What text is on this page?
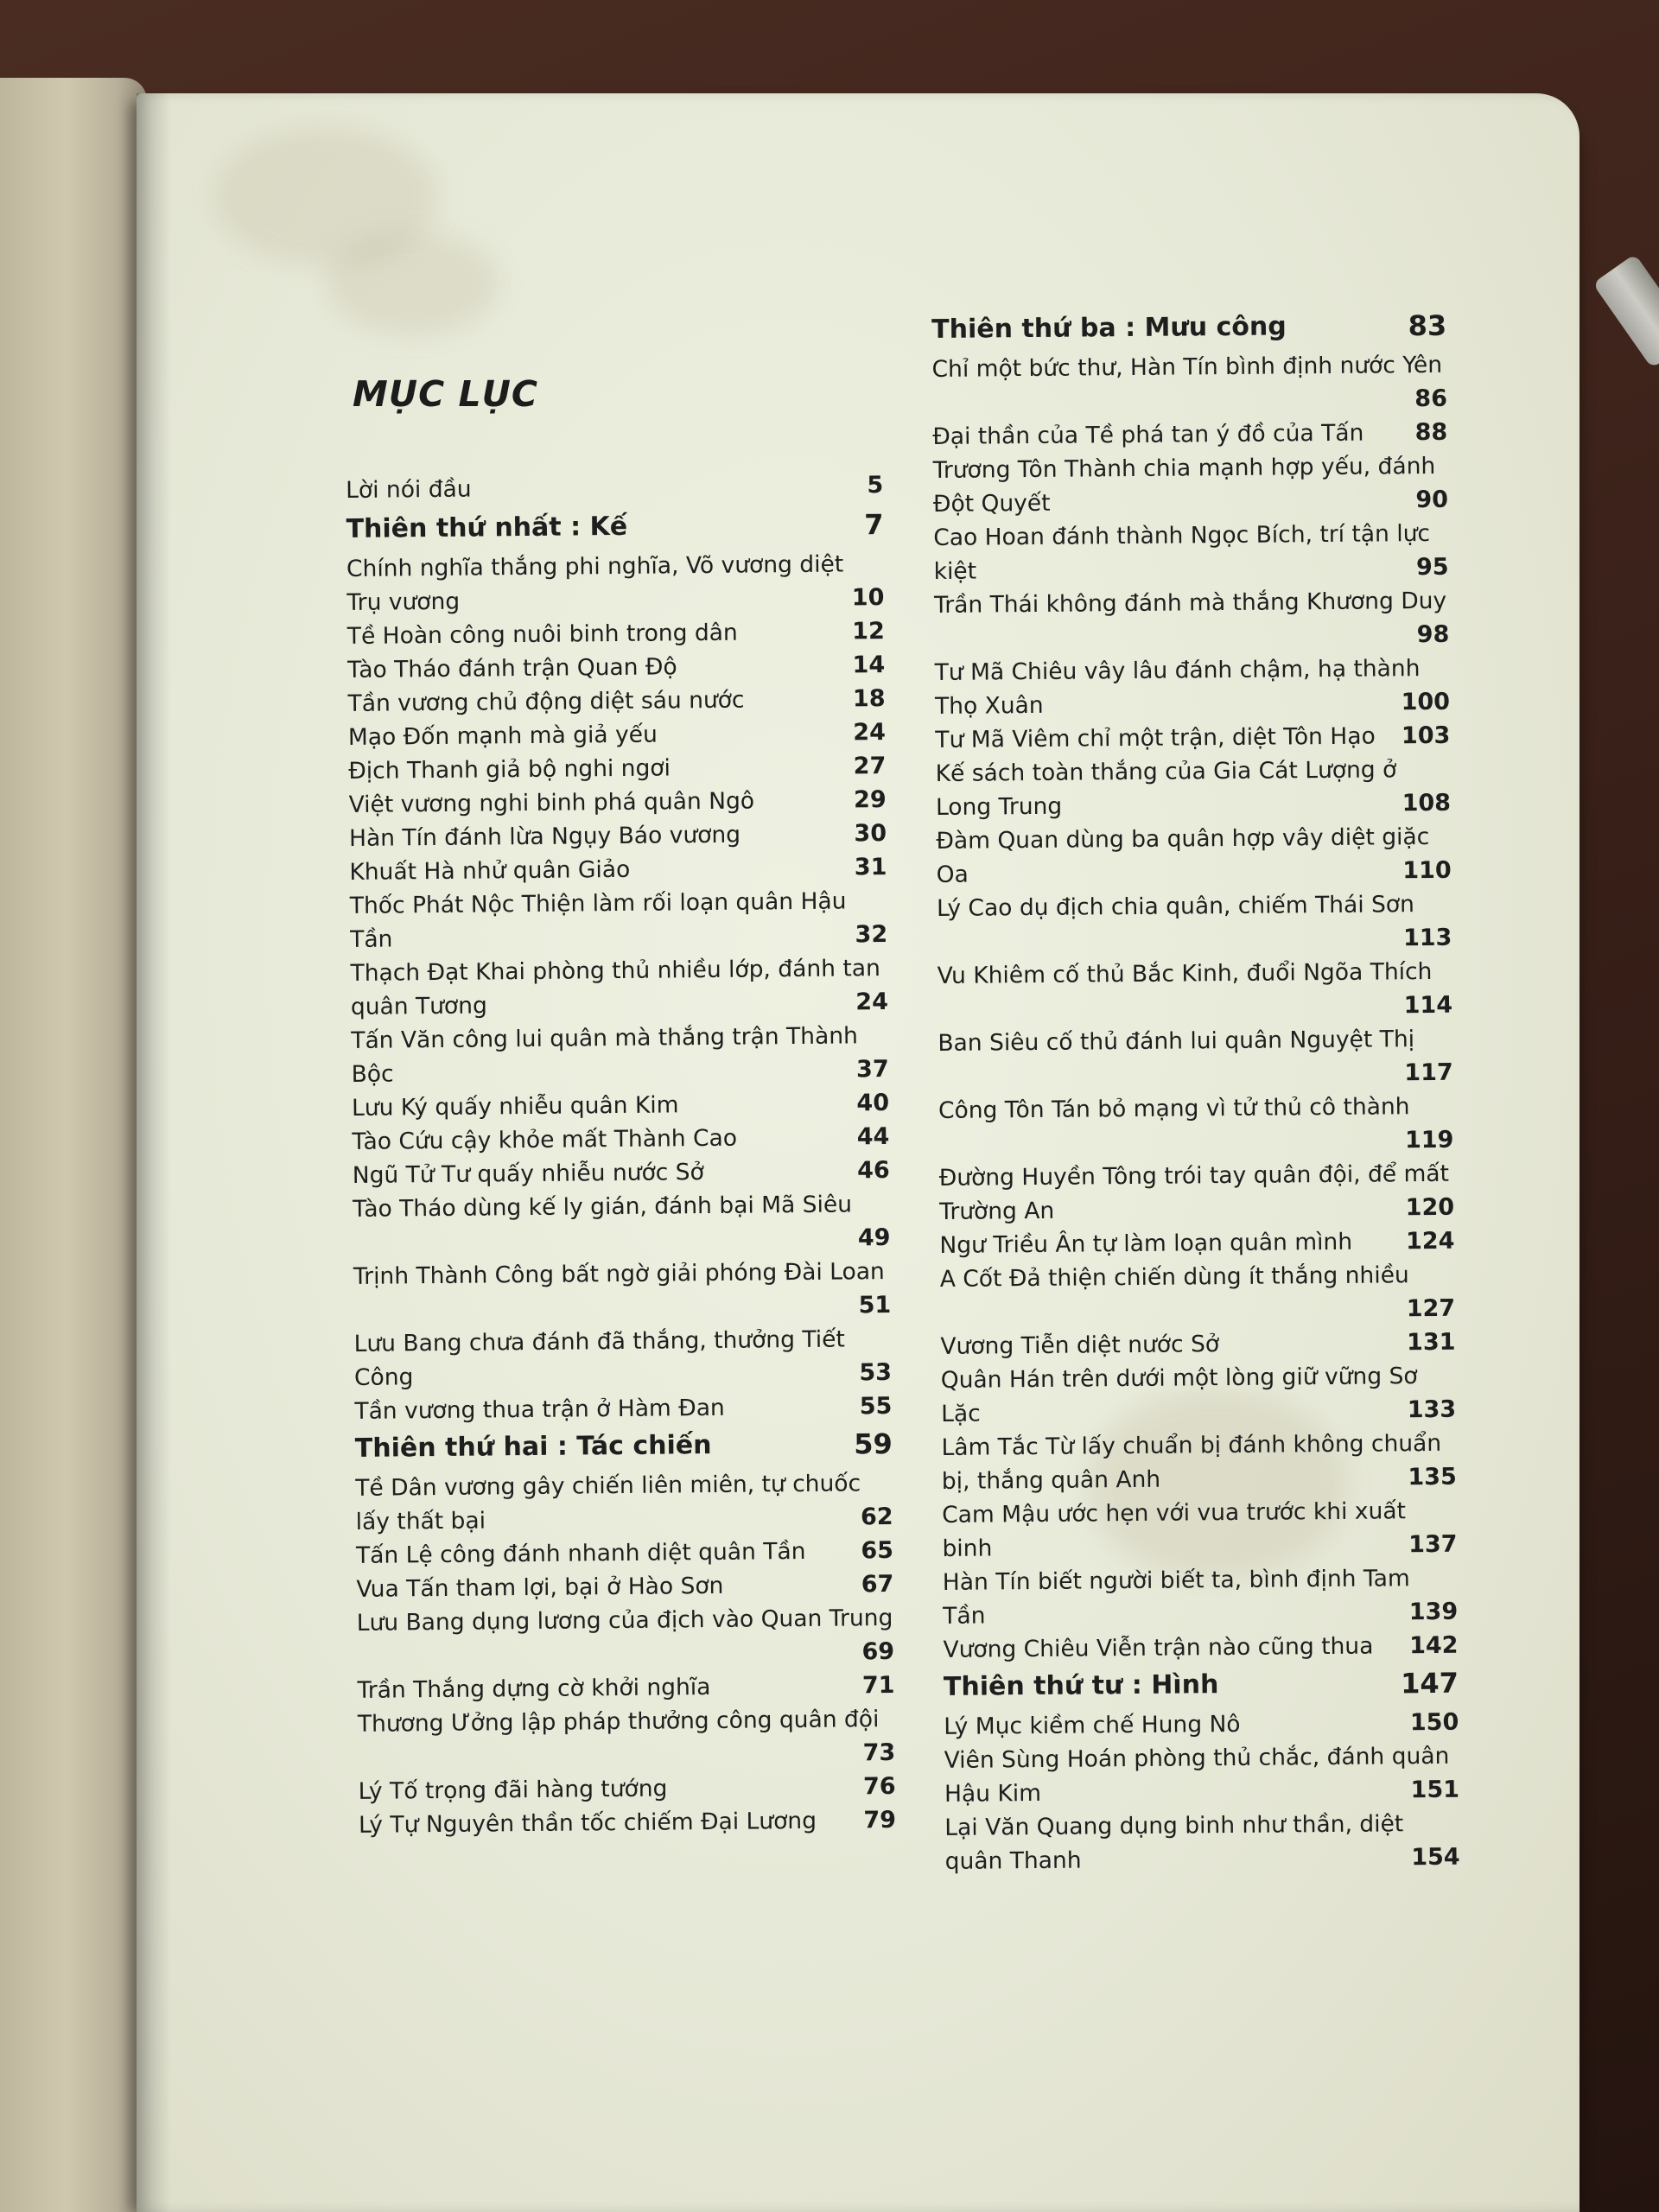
MỤC LỤC
Lời nói đầu	5
Thiên thứ nhất : Kế	7
Chính nghĩa thắng phi nghĩa, Võ vương diệt Trụ vương	10
Tề Hoàn công nuôi binh trong dân	12
Tào Tháo đánh trận Quan Độ	14
Tần vương chủ động diệt sáu nước	18
Mạo Đốn mạnh mà giả yếu	24
Địch Thanh giả bộ nghi ngơi	27
Việt vương nghi binh phá quân Ngô	29
Hàn Tín đánh lừa Ngụy Báo vương	30
Khuất Hà nhử quân Giảo	31
Thốc Phát Nộc Thiện làm rối loạn quân Hậu Tần	32
Thạch Đạt Khai phòng thủ nhiều lớp, đánh tan quân Tương	24
Tấn Văn công lui quân mà thắng trận Thành Bộc	37
Lưu Ký quấy nhiễu quân Kim	40
Tào Cứu cậy khỏe mất Thành Cao	44
Ngũ Tử Tư quấy nhiễu nước Sở	46
Tào Tháo dùng kế ly gián, đánh bại Mã Siêu
49
Trịnh Thành Công bất ngờ giải phóng Đài Loan
51
Lưu Bang chưa đánh đã thắng, thưởng Tiết Công	53
Tần vương thua trận ở Hàm Đan	55
Thiên thứ hai : Tác chiến	59
Tề Dân vương gây chiến liên miên, tự chuốc lấy thất bại	62
Tấn Lệ công đánh nhanh diệt quân Tần	65
Vua Tấn tham lợi, bại ở Hào Sơn	67
Lưu Bang dụng lương của địch vào Quan Trung
69
Trần Thắng dựng cờ khởi nghĩa	71
Thương Ưởng lập pháp thưởng công quân đội
73
Lý Tố trọng đãi hàng tướng	76
Lý Tự Nguyên thần tốc chiếm Đại Lương	79
Thiên thứ ba : Mưu công	83
Chỉ một bức thư, Hàn Tín bình định nước Yên
86
Đại thần của Tề phá tan ý đồ của Tấn	88
Trương Tôn Thành chia mạnh hợp yếu, đánh Đột Quyết	90
Cao Hoan đánh thành Ngọc Bích, trí tận lực kiệt	95
Trần Thái không đánh mà thắng Khương Duy
98
Tư Mã Chiêu vây lâu đánh chậm, hạ thành Thọ Xuân	100
Tư Mã Viêm chỉ một trận, diệt Tôn Hạo	103
Kế sách toàn thắng của Gia Cát Lượng ở Long Trung	108
Đàm Quan dùng ba quân hợp vây diệt giặc Oa	110
Lý Cao dụ địch chia quân, chiếm Thái Sơn
113
Vu Khiêm cố thủ Bắc Kinh, đuổi Ngõa Thích
114
Ban Siêu cố thủ đánh lui quân Nguyệt Thị
117
Công Tôn Tán bỏ mạng vì tử thủ cô thành
119
Đường Huyền Tông trói tay quân đội, để mất Trường An	120
Ngư Triều Ân tự làm loạn quân mình	124
A Cốt Đả thiện chiến dùng ít thắng nhiều
127
Vương Tiễn diệt nước Sở	131
Quân Hán trên dưới một lòng giữ vững Sơ Lặc	133
Lâm Tắc Từ lấy chuẩn bị đánh không chuẩn bị, thắng quân Anh	135
Cam Mậu ước hẹn với vua trước khi xuất binh	137
Hàn Tín biết người biết ta, bình định Tam Tần	139
Vương Chiêu Viễn trận nào cũng thua	142
Thiên thứ tư : Hình	147
Lý Mục kiềm chế Hung Nô	150
Viên Sùng Hoán phòng thủ chắc, đánh quân Hậu Kim	151
Lại Văn Quang dụng binh như thần, diệt quân Thanh	154
